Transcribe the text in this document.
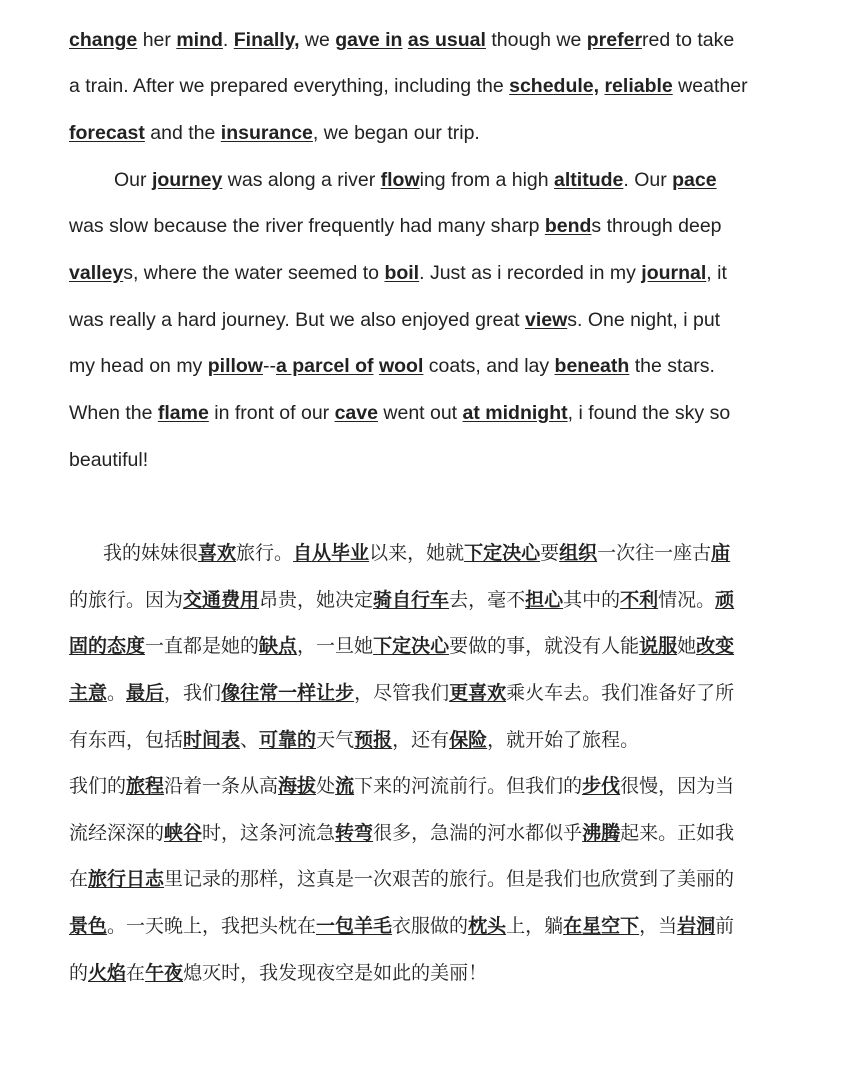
change her mind. Finally, we gave in as usual though we preferred to take
a train. After we prepared everything, including the schedule, reliable weather
forecast and the insurance, we began our trip.
Our journey was along a river flowing from a high altitude. Our pace
was slow because the river frequently had many sharp bends through deep
valleys, where the water seemed to boil. Just as i recorded in my journal, it
was really a hard journey. But we also enjoyed great views. One night, i put
my head on my pillow--a parcel of wool coats, and lay beneath the stars.
When the flame in front of our cave went out at midnight, i found the sky so
beautiful!
我的妹妹很喜欢旅行。自从毕业以来，她就下定决心要组织一次往一座古庙
的旅行。因为交通费用昂贵，她决定骑自行车去，毫不担心其中的不利情况。顽
固的态度一直都是她的缺点，一旦她下定决心要做的事，就没有人能说服她改变
主意。最后，我们像往常一样让步，尽管我们更喜欢乘火车去。我们准备好了所
有东西，包括时间表、可靠的天气预报，还有保险，就开始了旅程。
我们的旅程沿着一条从高海拔处流下来的河流前行。但我们的步伐很慢，因为当
流经深深的峡谷时，这条河流急转弯很多，急湍的河水都似乎沸腾起来。正如我
在旅行日志里记录的那样，这真是一次艰苦的旅行。但是我们也欣赏到了美丽的
景色。一天晚上，我把头枕在一包羊毛衣服做的枕头上，躺在星空下，当岩洞前
的火焰在午夜熄灭时，我发现夜空是如此的美丽！
